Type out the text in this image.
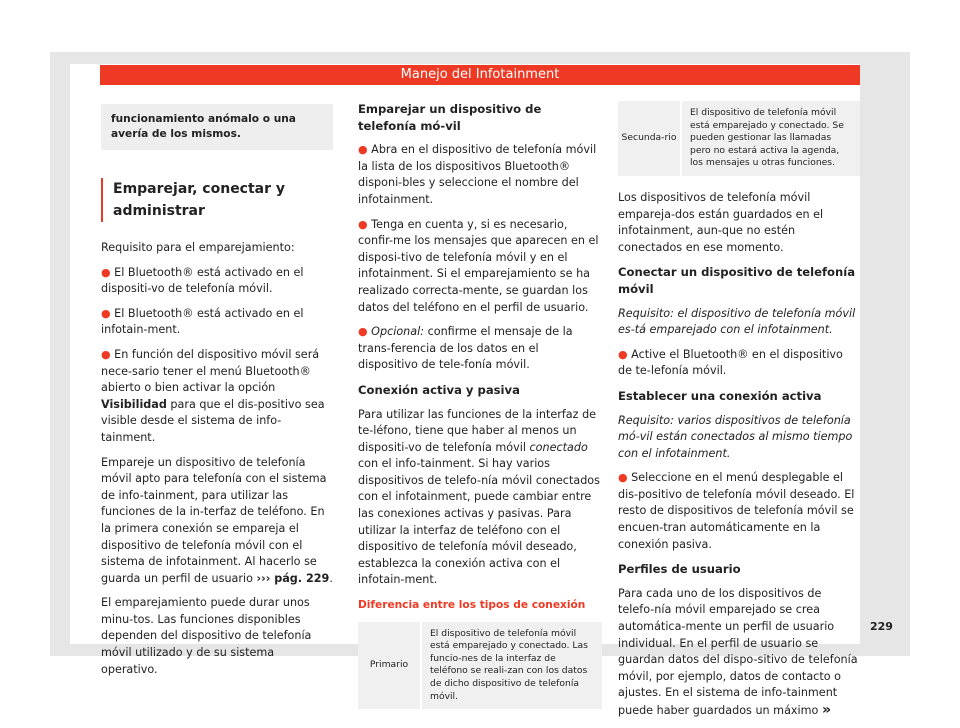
Manejo del Infotainment
funcionamiento anómalo o una avería de los mismos.
Emparejar, conectar y administrar

Requisito para el emparejamiento:

● El Bluetooth® está activado en el dispositi-vo de telefonía móvil.

● El Bluetooth® está activado en el infotain-ment.

● En función del dispositivo móvil será nece-sario tener el menú Bluetooth® abierto o bien activar la opción Visibilidad para que el dis-positivo sea visible desde el sistema de info-tainment.

Empareje un dispositivo de telefonía móvil apto para telefonía con el sistema de info-tainment, para utilizar las funciones de la in-terfaz de teléfono. En la primera conexión se empareja el dispositivo de telefonía móvil con el sistema de infotainment. Al hacerlo se guarda un perfil de usuario ››› pág. 229.

El emparejamiento puede durar unos minu-tos. Las funciones disponibles dependen del dispositivo de telefonía móvil utilizado y de su sistema operativo.

Emparejar un dispositivo de telefonía mó-vil

● Abra en el dispositivo de telefonía móvil la lista de los dispositivos Bluetooth® disponi-bles y seleccione el nombre del infotainment.

● Tenga en cuenta y, si es necesario, confir-me los mensajes que aparecen en el disposi-tivo de telefonía móvil y en el infotainment. Si el emparejamiento se ha realizado correcta-mente, se guardan los datos del teléfono en el perfil de usuario.

● Opcional: confirme el mensaje de la trans-ferencia de los datos en el dispositivo de tele-fonía móvil.

Conexión activa y pasiva

Para utilizar las funciones de la interfaz de te-léfono, tiene que haber al menos un dispositi-vo de telefonía móvil conectado con el info-tainment. Si hay varios dispositivos de telefo-nía móvil conectados con el infotainment, puede cambiar entre las conexiones activas y pasivas. Para utilizar la interfaz de teléfono con el dispositivo de telefonía móvil deseado, establezca la conexión activa con el infotain-ment.

Diferencia entre los tipos de conexión

Primario	El dispositivo de telefonía móvil está emparejado y conectado. Las funcio-nes de la interfaz de teléfono se reali-zan con los datos de dicho dispositivo de telefonía móvil.
Secunda-rio	El dispositivo de telefonía móvil está emparejado y conectado. Se pueden gestionar las llamadas pero no estará activa la agenda, los mensajes u otras funciones.

Los dispositivos de telefonía móvil empareja-dos están guardados en el infotainment, aun-que no estén conectados en ese momento.

Conectar un dispositivo de telefonía móvil

Requisito: el dispositivo de telefonía móvil es-tá emparejado con el infotainment.

● Active el Bluetooth® en el dispositivo de te-lefonía móvil.

Establecer una conexión activa

Requisito: varios dispositivos de telefonía mó-vil están conectados al mismo tiempo con el infotainment.

● Seleccione en el menú desplegable el dis-positivo de telefonía móvil deseado. El resto de dispositivos de telefonía móvil se encuen-tran automáticamente en la conexión pasiva.

Perfiles de usuario

Para cada uno de los dispositivos de telefo-nía móvil emparejado se crea automática-mente un perfil de usuario individual. En el perfil de usuario se guardan datos del dispo-sitivo de telefonía móvil, por ejemplo, datos de contacto o ajustes. En el sistema de info-tainment puede haber guardados un máximo »

229
